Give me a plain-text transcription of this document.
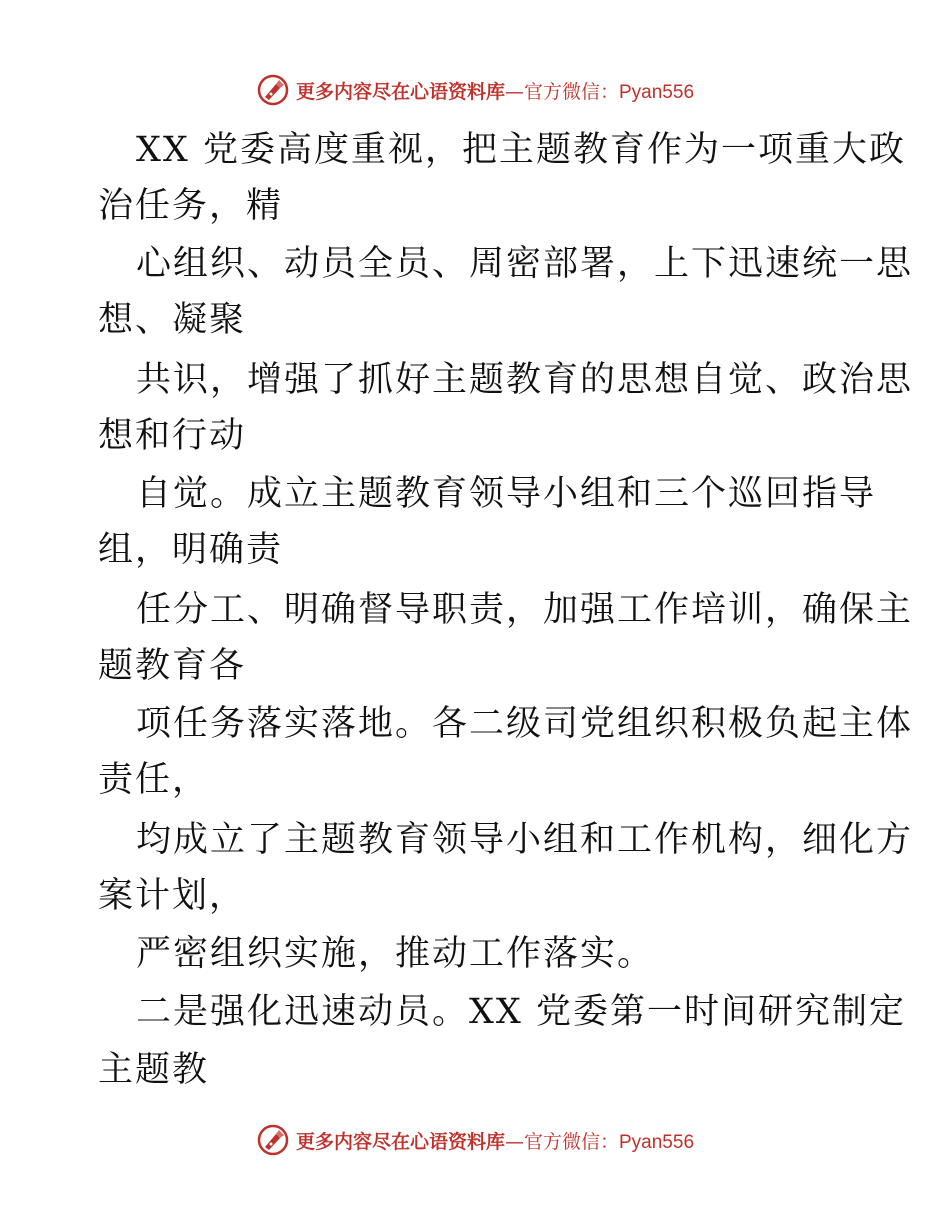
更多内容尽在心语资料库—官方微信：Pyan556
XX 党委高度重视，把主题教育作为一项重大政
治任务，精
心组织、动员全员、周密部署，上下迅速统一思
想、凝聚
共识，增强了抓好主题教育的思想自觉、政治思
想和行动
自觉。成立主题教育领导小组和三个巡回指导
组，明确责
任分工、明确督导职责，加强工作培训，确保主
题教育各
项任务落实落地。各二级司党组织积极负起主体
责任，
均成立了主题教育领导小组和工作机构，细化方
案计划，
严密组织实施，推动工作落实。
二是强化迅速动员。XX 党委第一时间研究制定
主题教
更多内容尽在心语资料库—官方微信：Pyan556
